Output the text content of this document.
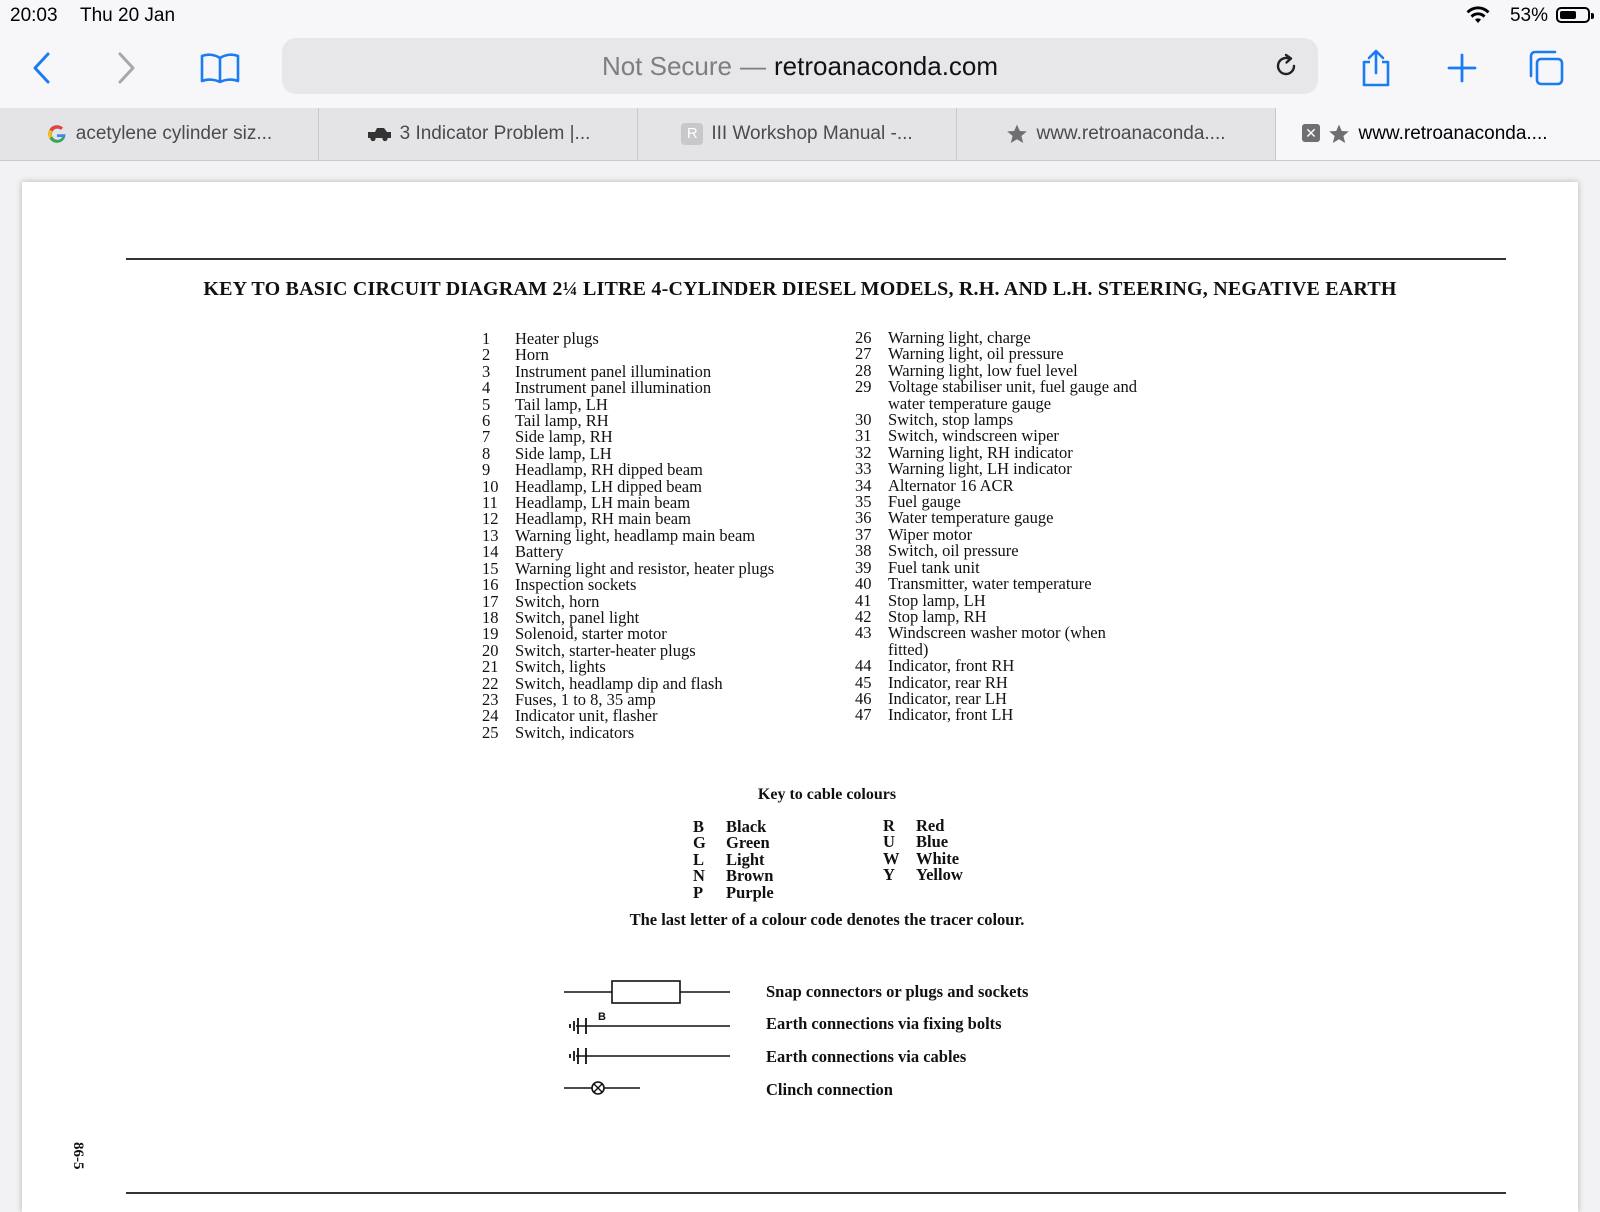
20:03 Thu 20 Jan	53%
Not Secure — retroanaconda.com
acetylene cylinder siz...	3 Indicator Problem |...	R III Workshop Manual -...	www.retroanaconda....	✕ www.retroanaconda....
KEY TO BASIC CIRCUIT DIAGRAM 2¼ LITRE 4-CYLINDER DIESEL MODELS, R.H. AND L.H. STEERING, NEGATIVE EARTH
1	Heater plugs
2	Horn
3	Instrument panel illumination
4	Instrument panel illumination
5	Tail lamp, LH
6	Tail lamp, RH
7	Side lamp, RH
8	Side lamp, LH
9	Headlamp, RH dipped beam
10	Headlamp, LH dipped beam
11	Headlamp, LH main beam
12	Headlamp, RH main beam
13	Warning light, headlamp main beam
14	Battery
15	Warning light and resistor, heater plugs
16	Inspection sockets
17	Switch, horn
18	Switch, panel light
19	Solenoid, starter motor
20	Switch, starter-heater plugs
21	Switch, lights
22	Switch, headlamp dip and flash
23	Fuses, 1 to 8, 35 amp
24	Indicator unit, flasher
25	Switch, indicators
26	Warning light, charge
27	Warning light, oil pressure
28	Warning light, low fuel level
29	Voltage stabiliser unit, fuel gauge and
water temperature gauge
30	Switch, stop lamps
31	Switch, windscreen wiper
32	Warning light, RH indicator
33	Warning light, LH indicator
34	Alternator 16 ACR
35	Fuel gauge
36	Water temperature gauge
37	Wiper motor
38	Switch, oil pressure
39	Fuel tank unit
40	Transmitter, water temperature
41	Stop lamp, LH
42	Stop lamp, RH
43	Windscreen washer motor (when
fitted)
44	Indicator, front RH
45	Indicator, rear RH
46	Indicator, rear LH
47	Indicator, front LH
Key to cable colours
B	Black
G	Green
L	Light
N	Brown
P	Purple
R	Red
U	Blue
W	White
Y	Yellow
The last letter of a colour code denotes the tracer colour.
Snap connectors or plugs and sockets
B	Earth connections via fixing bolts
Earth connections via cables
Clinch connection
86-5
